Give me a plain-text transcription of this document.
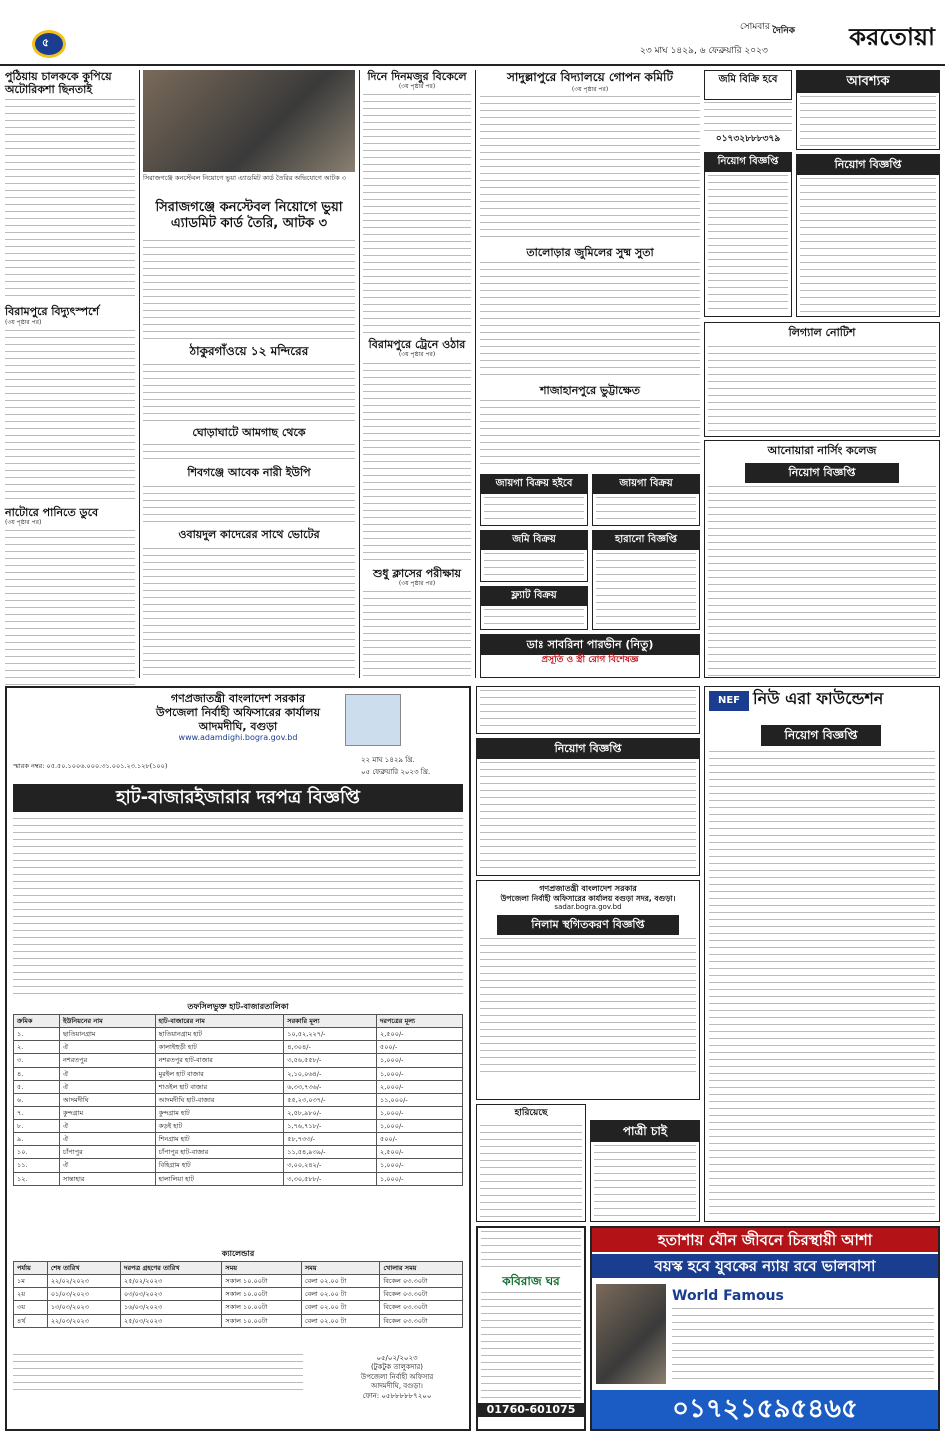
৫
সোমবার
২৩ মাঘ ১৪২৯, ৬ ফেব্রুয়ারি ২০২৩
দৈনিক করতোয়া
পুঠিয়ায় চালককে কুপিয়ে অটোরিকশা ছিনতাই
বিরামপুরে বিদ্যুৎস্পর্শে
(৩য় পৃষ্ঠার পর)
নাটোরে পানিতে ডুবে
(৩য় পৃষ্ঠার পর)
সিরাজগঞ্জে কনস্টেবল নিয়োগে ভুয়া এ্যাডমিট কার্ড তৈরির অভিযোগে আটক ৩
সিরাজগঞ্জে কনস্টেবল নিয়োগে ভুয়া এ্যাডমিট কার্ড তৈরি, আটক ৩
ঠাকুরগাঁওয়ে ১২ মন্দিরের
ঘোড়াঘাটে আমগাছ থেকে
শিবগঞ্জে আবেক নারী ইউপি
ওবায়দুল কাদেরের সাথে ভোটের
দিনে দিনমজুর বিকেলে
(৩য় পৃষ্ঠার পর)
বিরামপুরে ট্রেনে ওঠার
(৩য় পৃষ্ঠার পর)
শুধু ক্লাসের পরীক্ষায়
(৩য় পৃষ্ঠার পর)
সাদুল্লাপুরে বিদ্যালয়ে গোপন কমিটি
(৩য় পৃষ্ঠার পর)
তালোড়ার জুমিলের সুষ্ম সুতা
শাজাহানপুরে ভুট্টাক্ষেত
জায়গা বিক্রয় হইবে	জায়গা বিক্রয়
জমি বিক্রয়	হারানো বিজ্ঞপ্তি
ফ্ল্যাট বিক্রয়
ডাঃ সাবরিনা পারভীন (নিতু)
প্রসূতি ও স্ত্রী রোগ বিশেষজ্ঞ
জমি বিক্রি হবে
০১৭৩২৮৮৮৩৭৯
আবশ্যক
নিয়োগ বিজ্ঞপ্তি	নিয়োগ বিজ্ঞপ্তি
লিগ্যাল নোটিশ
আনোয়ারা নার্সিং কলেজ
নিয়োগ বিজ্ঞপ্তি
গণপ্রজাতন্ত্রী বাংলাদেশ সরকার
উপজেলা নির্বাহী অফিসারের কার্যালয়
আদমদীঘি, বগুড়া
www.adamdighi.bogra.gov.bd
স্মারক নম্বর: ০৫.৫০.১০০৬.০০০.৩১.০০১.২৩.১২৮(১০০)
২২ মাঘ ১৪২৯ খ্রি.
০৫ ফেব্রুয়ারি ২০২৩ খ্রি.
হাট-বাজারইজারার দরপত্র বিজ্ঞপ্তি
তফসিলভুক্ত হাট-বাজারতালিকা
ক্রমিক	ইউনিয়নের নাম	হাট-বাজারের নাম	সরকারি মূল্য	দরপত্রের মূল্য
১.	ছাতিয়ানগ্রাম	ছাতিয়ানগ্রাম হাট	১০,৫২,২২৭/-	২,৫০০/-
২.	ঐ	কালাইহুড়ী হাট	৪,৩০৪/-	৫০০/-
৩.	নশরতপুর	নশরতপুর হাট-বাজার	৩,৫৬,৫৫৮/-	১,০০০/-
৪.	ঐ	মুরইল হাট বাজার	২,১০,০৬৪/-	১,০০০/-
৫.	ঐ	শাওইল হাট বাজার	৬,৩৩,৭৩৬/-	২,০০০/-
৬.	আদমদীঘি	আদমদীঘি হাট-বাজার	৫৫,২৩,০৩৭/-	১১,০০০/-
৭.	কুন্দগ্রাম	কুন্দগ্রাম হাট	২,৫৮,৯৮০/-	১,০০০/-
৮.	ঐ	কড়ই হাট	১,৭৬,৭১৮/-	১,০০০/-
৯.	ঐ	শিনগ্রাম হাট	৫৮,৭৩৩/-	৫০০/-
১০.	চাঁপাপুর	চাঁপাপুর হাট-বাজার	১১,৫৪,৯৩৯/-	২,৫০০/-
১১.	ঐ	বিহিগ্রাম হাট	৩,০০,২৪২/-	১,০০০/-
১২.	সান্তাহার	হালালিয়া হাট	৩,৩০,৫৮৮/-	১,০০০/-
ক্যালেন্ডার
পর্যায়	শেষ তারিখ	দরপত্র গ্রহণের তারিখ	সময়	সময়	খোলার সময়
১ম	২২/০২/২০২৩	২৫/০২/২০২৩	সকাল ১০.০০টা	বেলা ০২.০০ টা	বিকেল ০৩.৩০টা
২য়	০১/০৩/২০২৩	০৩/০৩/২০২৩	সকাল ১০.০০টা	বেলা ০২.০০ টা	বিকেল ০৩.৩০টা
৩য়	১৩/০৩/২০২৩	১৬/০৩/২০২৩	সকাল ১০.০০টা	বেলা ০২.০০ টা	বিকেল ০৩.৩০টা
৪র্থ	২২/০৩/২০২৩	২৫/০৩/২০২৩	সকাল ১০.০০টা	বেলা ০২.০০ টা	বিকেল ০৩.৩০টা
০৫/০২/২০২৩
(টুকটুক তালুকদার)
উপজেলা নির্বাহী অফিসার
আদমদীঘি, বগুড়া।
ফোন: ০৫৮৮৮৮৮৭২০০
নিয়োগ বিজ্ঞপ্তি
গণপ্রজাতন্ত্রী বাংলাদেশ সরকার
উপজেলা নির্বাহী অফিসারের কার্যালয় বগুড়া সদর, বগুড়া।
sadar.bogra.gov.bd
নিলাম স্থগিতকরণ বিজ্ঞপ্তি
হারিয়েছে
পাত্রী চাই
কবিরাজ ঘর
01760-601075
NEF নিউ এরা ফাউন্ডেশন
নিয়োগ বিজ্ঞপ্তি
হতাশায় যৌন জীবনে চিরস্থায়ী আশা
বয়স্ক হবে যুবকের ন্যায় রবে ভালবাসা
World Famous
০১৭২১৫৯৫৪৬৫
